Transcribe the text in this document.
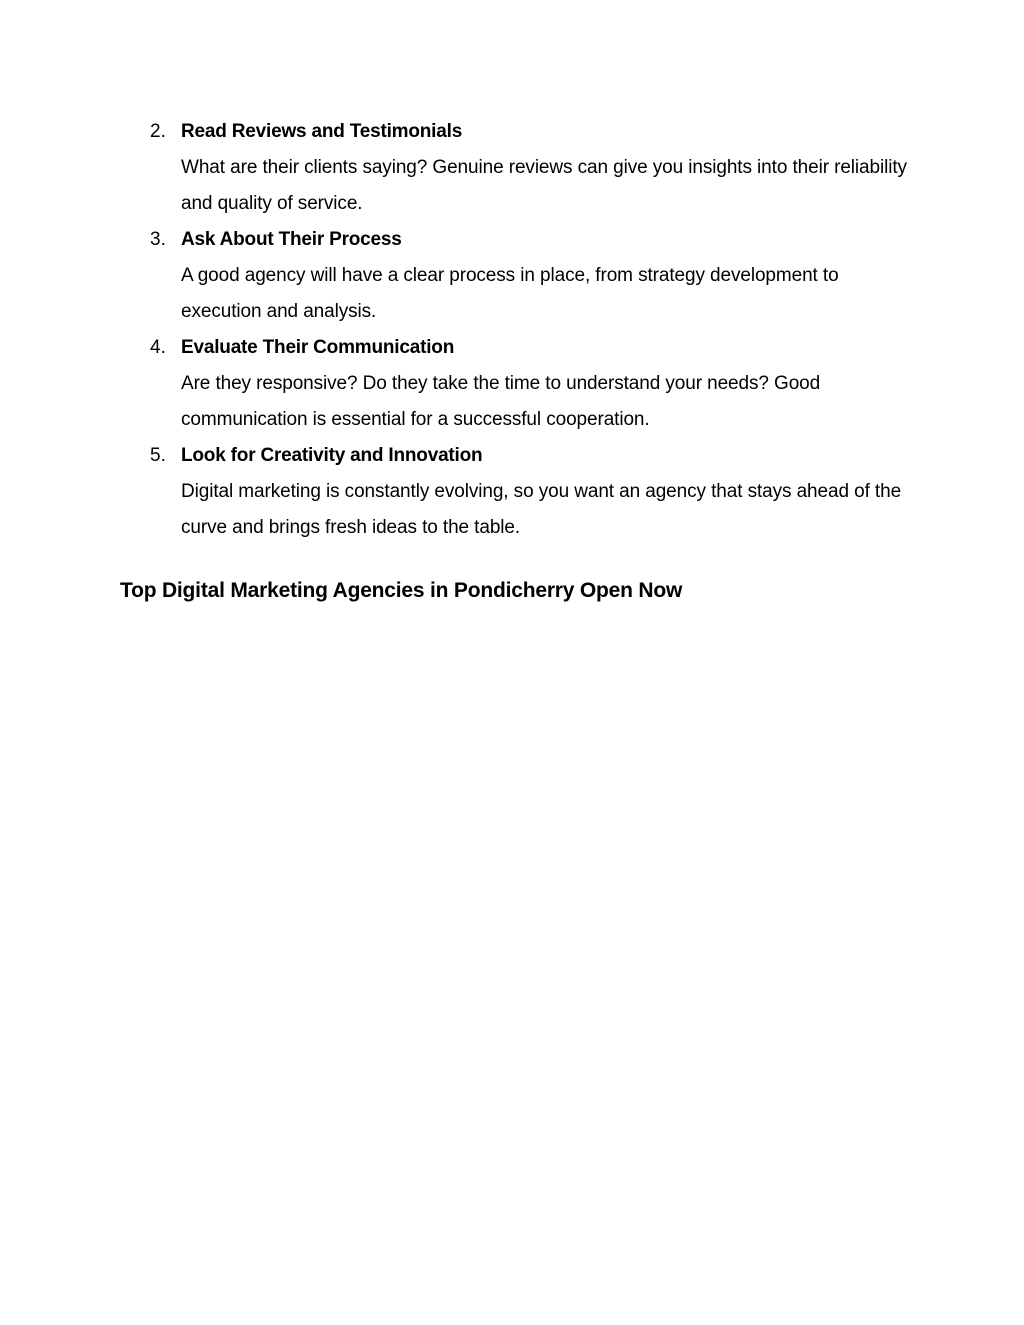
2. Read Reviews and Testimonials
What are their clients saying? Genuine reviews can give you insights into their reliability and quality of service.
3. Ask About Their Process
A good agency will have a clear process in place, from strategy development to execution and analysis.
4. Evaluate Their Communication
Are they responsive? Do they take the time to understand your needs? Good communication is essential for a successful cooperation.
5. Look for Creativity and Innovation
Digital marketing is constantly evolving, so you want an agency that stays ahead of the curve and brings fresh ideas to the table.
Top Digital Marketing Agencies in Pondicherry Open Now
